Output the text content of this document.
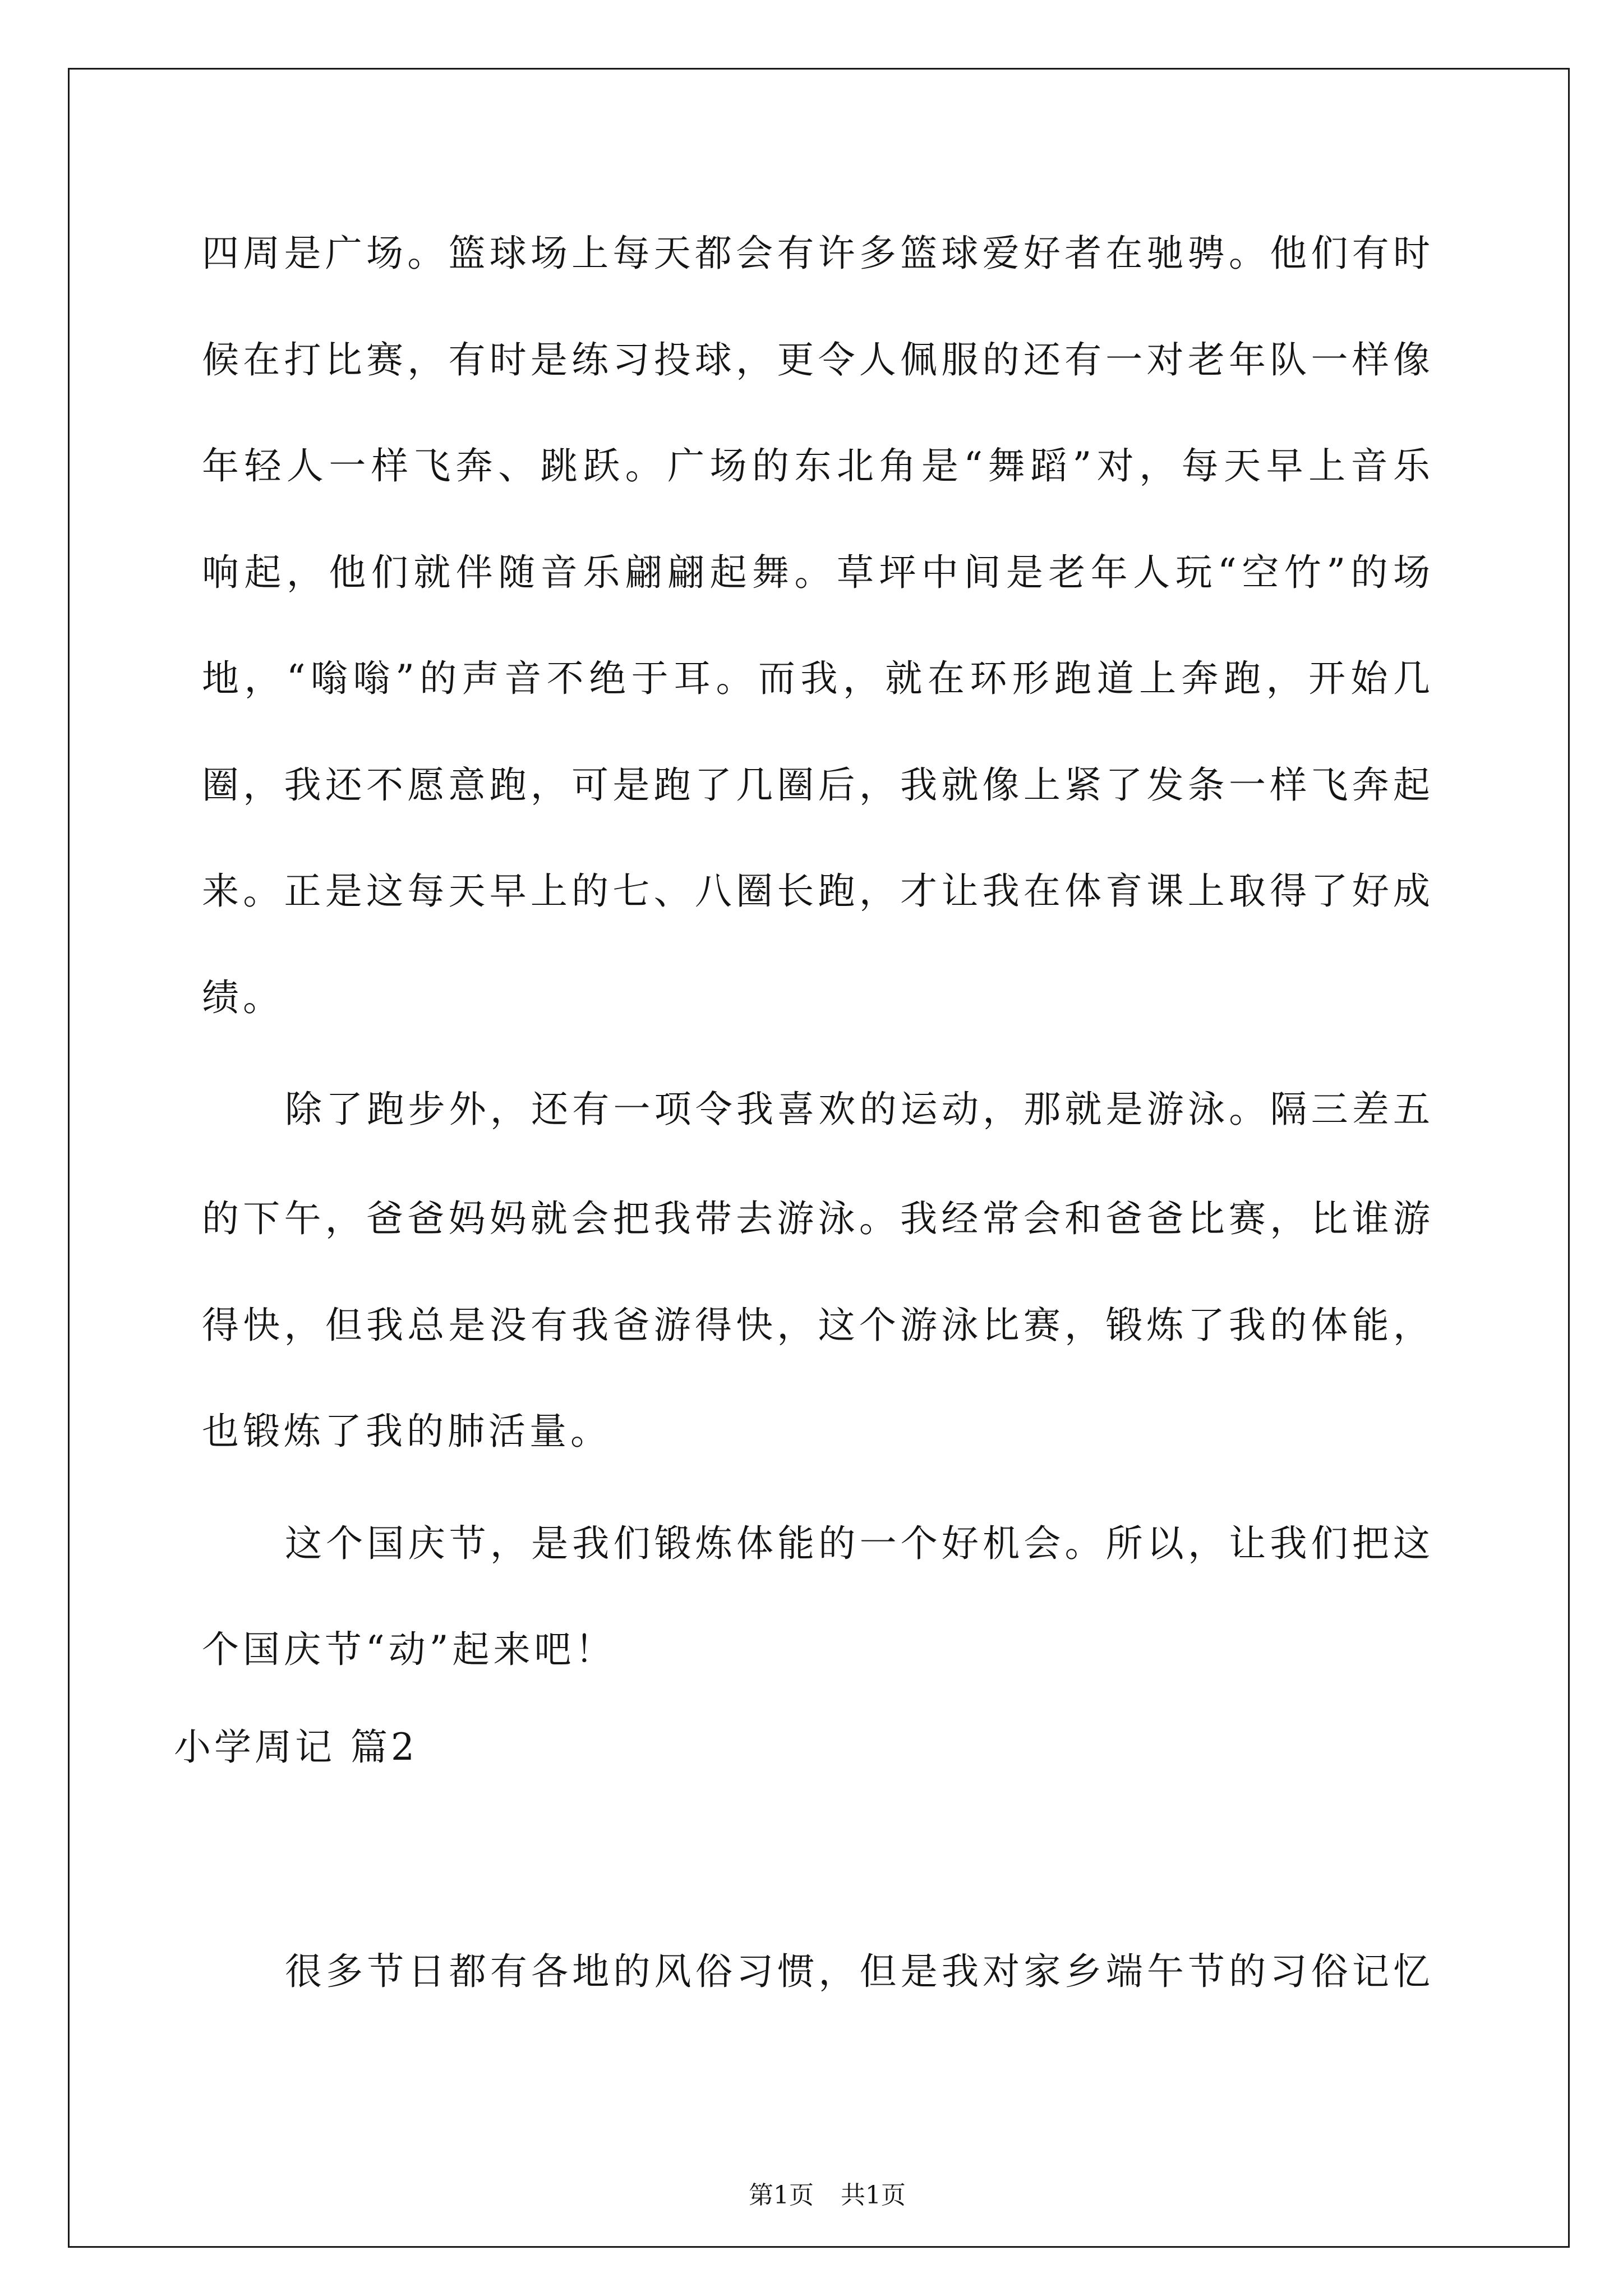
四周是广场。篮球场上每天都会有许多篮球爱好者在驰骋。他们有时
候在打比赛，有时是练习投球，更令人佩服的还有一对老年队一样像
年轻人一样飞奔、跳跃。广场的东北角是“舞蹈”对，每天早上音乐
响起，他们就伴随音乐翩翩起舞。草坪中间是老年人玩“空竹”的场
地，“嗡嗡”的声音不绝于耳。而我，就在环形跑道上奔跑，开始几
圈，我还不愿意跑，可是跑了几圈后，我就像上紧了发条一样飞奔起
来。正是这每天早上的七、八圈长跑，才让我在体育课上取得了好成
绩。
除了跑步外，还有一项令我喜欢的运动，那就是游泳。隔三差五
的下午，爸爸妈妈就会把我带去游泳。我经常会和爸爸比赛，比谁游
得快，但我总是没有我爸游得快，这个游泳比赛，锻炼了我的体能，
也锻炼了我的肺活量。
这个国庆节，是我们锻炼体能的一个好机会。所以，让我们把这
个国庆节“动”起来吧！
小学周记 篇2
很多节日都有各地的风俗习惯，但是我对家乡端午节的习俗记忆

第1页 共1页
